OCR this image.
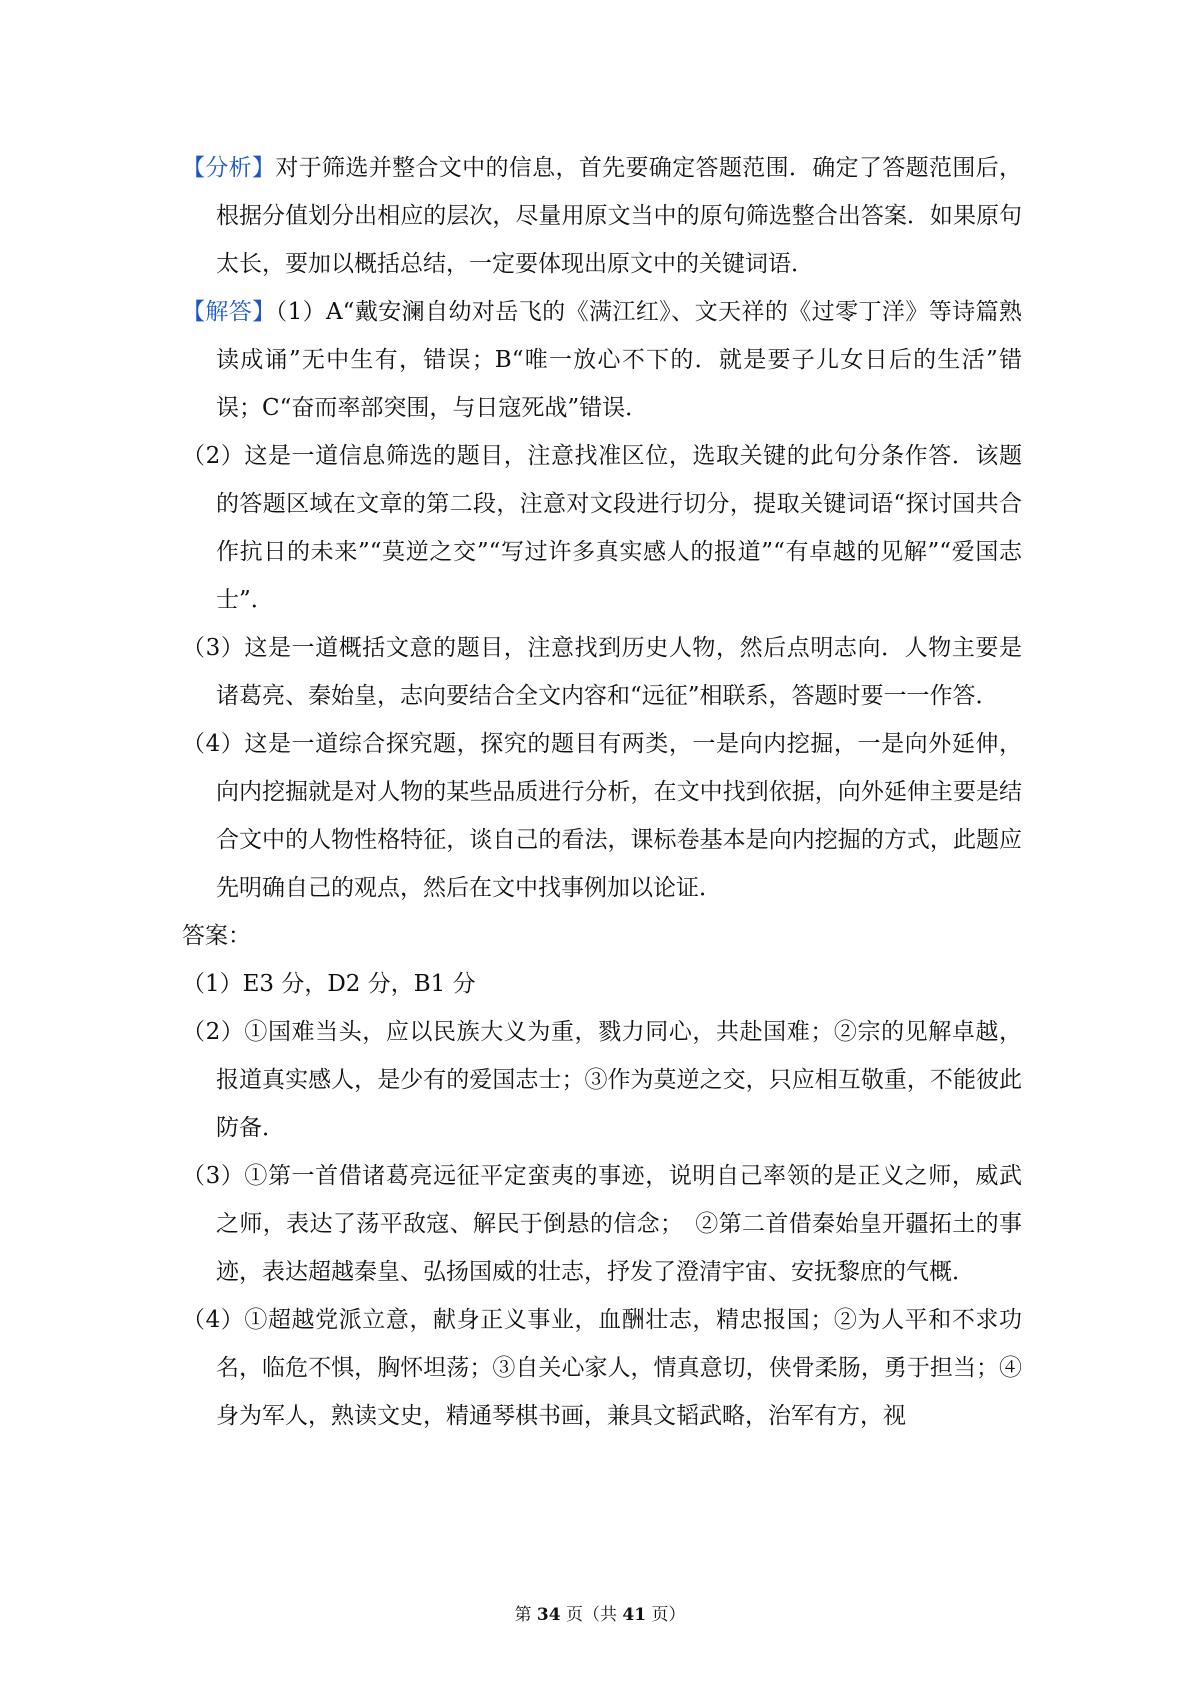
【分析】对于筛选并整合文中的信息，首先要确定答题范围．确定了答题范围后，根据分值划分出相应的层次，尽量用原文当中的原句筛选整合出答案．如果原句太长，要加以概括总结，一定要体现出原文中的关键词语．

【解答】（1）A“戴安澜自幼对岳飞的《满江红》、文天祥的《过零丁洋》等诗篇熟读成诵”无中生有，错误；B“唯一放心不下的．就是要子儿女日后的生活”错误；C“奋而率部突围，与日寇死战”错误．

（2）这是一道信息筛选的题目，注意找准区位，选取关键的此句分条作答．该题的答题区域在文章的第二段，注意对文段进行切分，提取关键词语“探讨国共合作抗日的未来”“莫逆之交”“写过许多真实感人的报道”“有卓越的见解”“爱国志士”．

（3）这是一道概括文意的题目，注意找到历史人物，然后点明志向．人物主要是诸葛亮、秦始皇，志向要结合全文内容和“远征”相联系，答题时要一一作答．

（4）这是一道综合探究题，探究的题目有两类，一是向内挖掘，一是向外延伸，向内挖掘就是对人物的某些品质进行分析，在文中找到依据，向外延伸主要是结合文中的人物性格特征，谈自己的看法，课标卷基本是向内挖掘的方式，此题应先明确自己的观点，然后在文中找事例加以论证．

答案：

（1）E3 分，D2 分，B1 分

（2）①国难当头，应以民族大义为重，戮力同心，共赴国难；②宗的见解卓越，报道真实感人，是少有的爱国志士；③作为莫逆之交，只应相互敬重，不能彼此防备．

（3）①第一首借诸葛亮远征平定蛮夷的事迹，说明自己率领的是正义之师，威武之师，表达了荡平敌寇、解民于倒悬的信念；　②第二首借秦始皇开疆拓土的事迹，表达超越秦皇、弘扬国威的壮志，抒发了澄清宇宙、安抚黎庶的气概．

（4）①超越党派立意，献身正义事业，血酬壮志，精忠报国；②为人平和不求功名，临危不惧，胸怀坦荡；③自关心家人，情真意切，侠骨柔肠，勇于担当；④身为军人，熟读文史，精通琴棋书画，兼具文韬武略，治军有方，视

第 34 页（共 41 页）
